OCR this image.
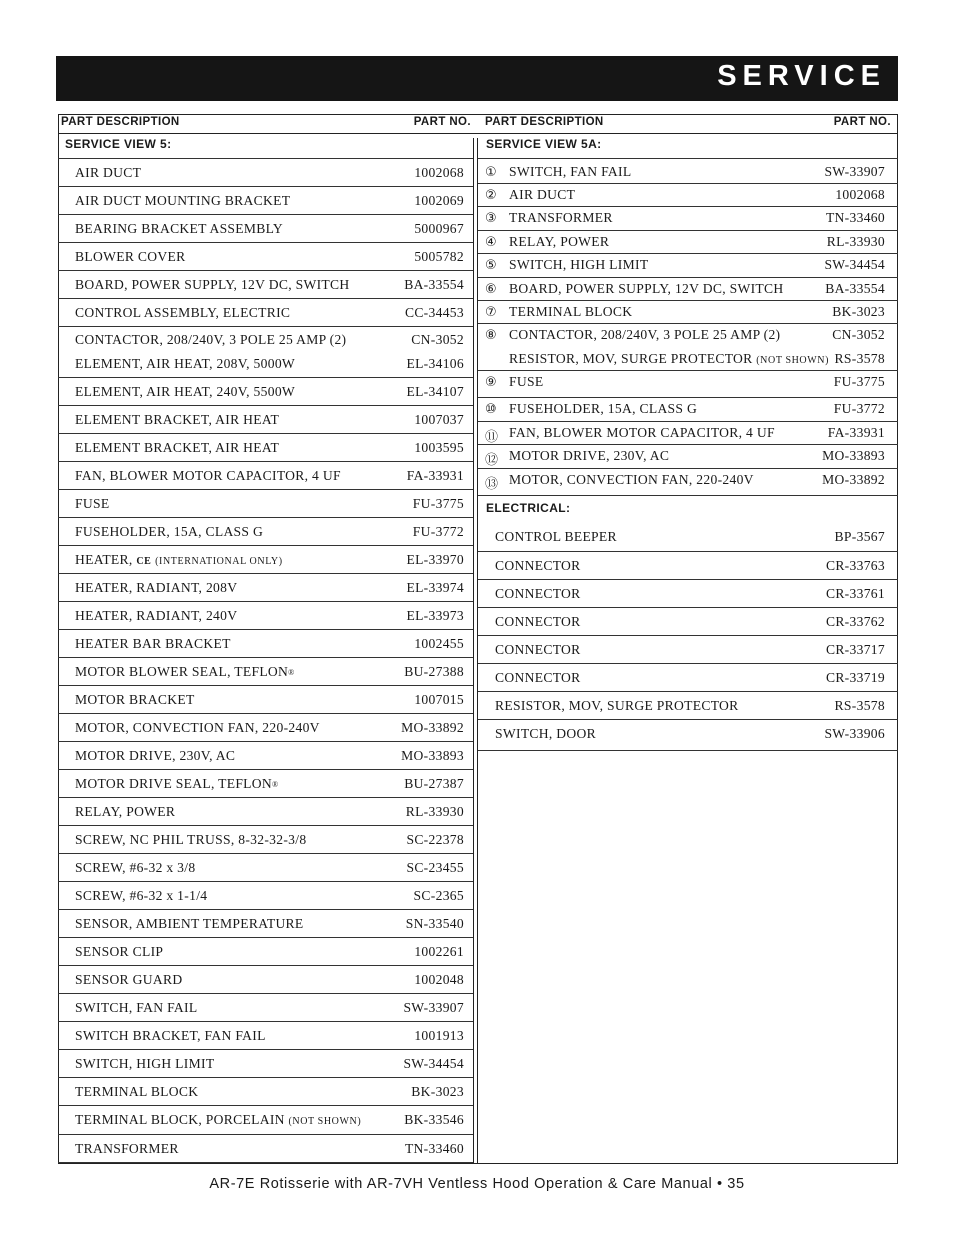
SERVICE
PART DESCRIPTION	PART NO. PART DESCRIPTION	PART NO.
SERVICE VIEW 5:
AIR DUCT	1002068
AIR DUCT MOUNTING BRACKET	1002069
BEARING BRACKET ASSEMBLY	5000967
BLOWER COVER	5005782
BOARD, POWER SUPPLY, 12V DC, SWITCH	BA-33554
CONTROL ASSEMBLY, ELECTRIC	CC-34453
CONTACTOR, 208/240V, 3 POLE 25 AMP (2)	CN-3052
ELEMENT, AIR HEAT, 208V, 5000W	EL-34106
ELEMENT, AIR HEAT, 240V, 5500W	EL-34107
ELEMENT BRACKET, AIR HEAT	1007037
ELEMENT BRACKET, AIR HEAT	1003595
FAN, BLOWER MOTOR CAPACITOR, 4 UF	FA-33931
FUSE	FU-3775
FUSEHOLDER, 15A, CLASS G	FU-3772
HEATER, CE (INTERNATIONAL ONLY)	EL-33970
HEATER, RADIANT, 208V	EL-33974
HEATER, RADIANT, 240V	EL-33973
HEATER BAR BRACKET	1002455
MOTOR BLOWER SEAL, TEFLON®	BU-27388
MOTOR BRACKET	1007015
MOTOR, CONVECTION FAN, 220-240V	MO-33892
MOTOR DRIVE, 230V, AC	MO-33893
MOTOR DRIVE SEAL, TEFLON®	BU-27387
RELAY, POWER	RL-33930
SCREW, NC PHIL TRUSS, 8-32-32-3/8	SC-22378
SCREW, #6-32 x 3/8	SC-23455
SCREW, #6-32 x 1-1/4	SC-2365
SENSOR, AMBIENT TEMPERATURE	SN-33540
SENSOR CLIP	1002261
SENSOR GUARD	1002048
SWITCH, FAN FAIL	SW-33907
SWITCH BRACKET, FAN FAIL	1001913
SWITCH, HIGH LIMIT	SW-34454
TERMINAL BLOCK	BK-3023
TERMINAL BLOCK, PORCELAIN (NOT SHOWN)	BK-33546
TRANSFORMER	TN-33460
SERVICE VIEW 5A:
① SWITCH, FAN FAIL	SW-33907
② AIR DUCT	1002068
③ TRANSFORMER	TN-33460
④ RELAY, POWER	RL-33930
⑤ SWITCH, HIGH LIMIT	SW-34454
⑥ BOARD, POWER SUPPLY, 12V DC, SWITCH	BA-33554
⑦ TERMINAL BLOCK	BK-3023
⑧ CONTACTOR, 208/240V, 3 POLE 25 AMP (2)	CN-3052
RESISTOR, MOV, SURGE PROTECTOR (NOT SHOWN) RS-3578
⑨ FUSE	FU-3775
⑩ FUSEHOLDER, 15A, CLASS G	FU-3772
⑪ FAN, BLOWER MOTOR CAPACITOR, 4 UF	FA-33931
⑫ MOTOR DRIVE, 230V, AC	MO-33893
⑬ MOTOR, CONVECTION FAN, 220-240V	MO-33892
ELECTRICAL:
CONTROL BEEPER	BP-3567
CONNECTOR	CR-33763
CONNECTOR	CR-33761
CONNECTOR	CR-33762
CONNECTOR	CR-33717
CONNECTOR	CR-33719
RESISTOR, MOV, SURGE PROTECTOR	RS-3578
SWITCH, DOOR	SW-33906
AR-7E Rotisserie with AR-7VH Ventless Hood Operation & Care Manual • 35
